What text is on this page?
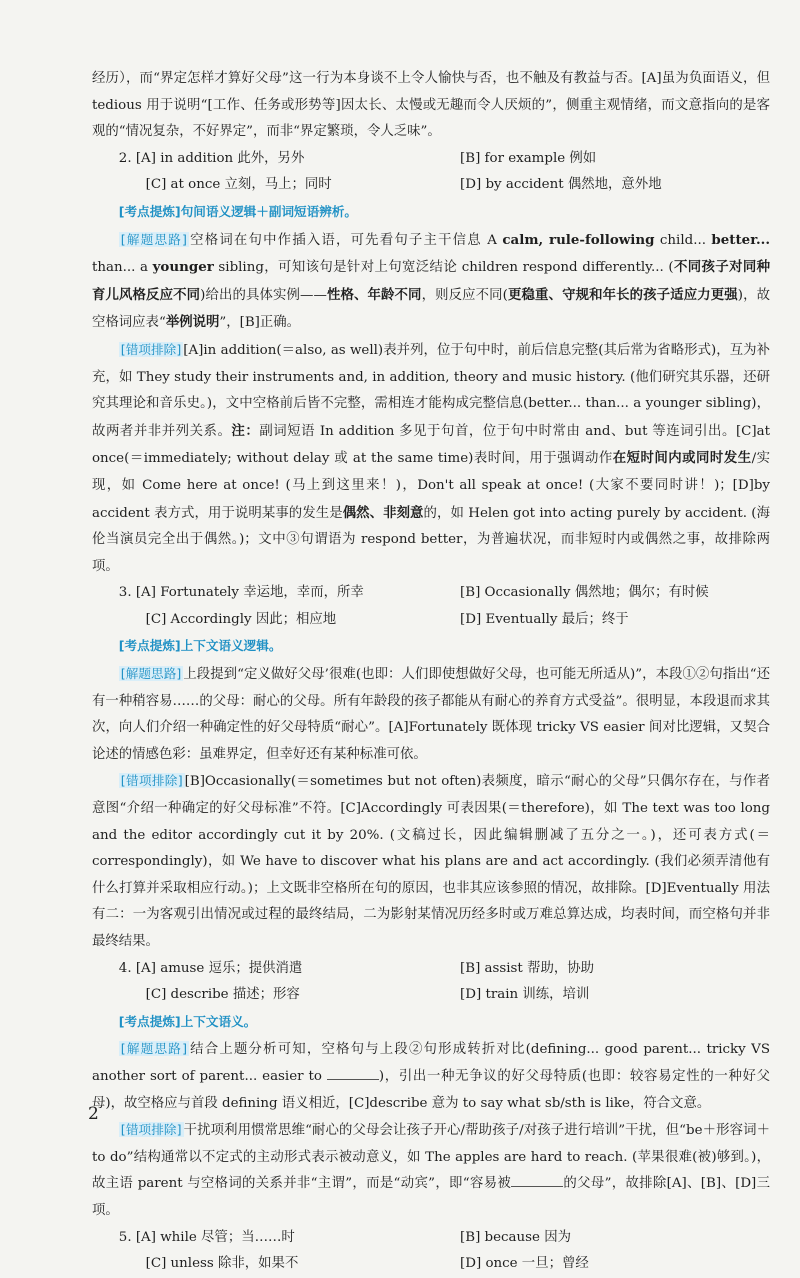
经历），而“界定怎样才算好父母”这一行为本身谈不上令人愉快与否，也不触及有教益与否。[A]虽为负面语义，但 tedious 用于说明“[工作、任务或形势等]因太长、太慢或无趣而令人厌烦的”，侧重主观情绪，而文意指向的是客观的“情况复杂，不好界定”，而非“界定繁琐，令人乏味”。

2. [A] in addition 此外，另外	[B] for example 例如
[C] at once 立刻，马上；同时	[D] by accident 偶然地，意外地

[考点提炼]句间语义逻辑＋副词短语辨析。

[解题思路] 空格词在句中作插入语，可先看句子主干信息 A calm, rule-following child... better... than... a younger sibling，可知该句是针对上句宽泛结论 children respond differently... (不同孩子对同种育儿风格反应不同)给出的具体实例——性格、年龄不同，则反应不同(更稳重、守规和年长的孩子适应力更强)，故空格词应表“举例说明”，[B]正确。

[错项排除] [A]in addition(＝also, as well)表并列，位于句中时，前后信息完整(其后常为省略形式)，互为补充，如 They study their instruments and, in addition, theory and music history. (他们研究其乐器，还研究其理论和音乐史。)，文中空格前后皆不完整，需相连才能构成完整信息(better... than... a younger sibling)，故两者并非并列关系。注：副词短语 In addition 多见于句首，位于句中时常由 and、but 等连词引出。[C]at once(＝immediately; without delay 或 at the same time)表时间，用于强调动作在短时间内或同时发生/实现，如 Come here at once! (马上到这里来！)，Don't all speak at once! (大家不要同时讲！)；[D]by accident 表方式，用于说明某事的发生是偶然、非刻意的，如 Helen got into acting purely by accident. (海伦当演员完全出于偶然。)；文中③句谓语为 respond better，为普遍状况，而非短时内或偶然之事，故排除两项。

3. [A] Fortunately 幸运地，幸而，所幸	[B] Occasionally 偶然地；偶尔；有时候
[C] Accordingly 因此；相应地	[D] Eventually 最后；终于

[考点提炼]上下文语义逻辑。

[解题思路] 上段提到“定义做好父母’很难(也即：人们即使想做好父母，也可能无所适从)”，本段①②句指出“还有一种稍容易……的父母：耐心的父母。所有年龄段的孩子都能从有耐心的养育方式受益”。很明显，本段退而求其次，向人们介绍一种确定性的好父母特质“耐心”。[A]Fortunately 既体现 tricky VS easier 间对比逻辑，又契合论述的情感色彩：虽难界定，但幸好还有某种标准可依。

[错项排除] [B]Occasionally(＝sometimes but not often)表频度，暗示“耐心的父母”只偶尔存在，与作者意图“介绍一种确定的好父母标准”不符。[C]Accordingly 可表因果(＝therefore)，如 The text was too long and the editor accordingly cut it by 20%. (文稿过长，因此编辑删减了五分之一。)，还可表方式(＝correspondingly)，如 We have to discover what his plans are and act accordingly. (我们必须弄清他有什么打算并采取相应行动。)；上文既非空格所在句的原因，也非其应该参照的情况，故排除。[D]Eventually 用法有二：一为客观引出情况或过程的最终结局，二为影射某情况历经多时或万难总算达成，均表时间，而空格句并非最终结果。

4. [A] amuse 逗乐；提供消遣	[B] assist 帮助，协助
[C] describe 描述；形容	[D] train 训练，培训

[考点提炼]上下文语义。

[解题思路] 结合上题分析可知，空格句与上段②句形成转折对比(defining... good parent... tricky VS another sort of parent... easier to	)，引出一种无争议的好父母特质(也即：较容易定性的一种好父母)，故空格应与首段 defining 语义相近，[C]describe 意为 to say what sb/sth is like，符合文意。

[错项排除] 干扰项利用惯常思维“耐心的父母会让孩子开心/帮助孩子/对孩子进行培训”干扰，但“be＋形容词＋to do”结构通常以不定式的主动形式表示被动意义，如 The apples are hard to reach. (苹果很难(被)够到。)，故主语 parent 与空格词的关系并非“主谓”，而是“动宾”，即“容易被	的父母”，故排除[A]、[B]、[D]三项。

5. [A] while 尽管；当……时	[B] because 因为
[C] unless 除非，如果不	[D] once 一旦；曾经
2
